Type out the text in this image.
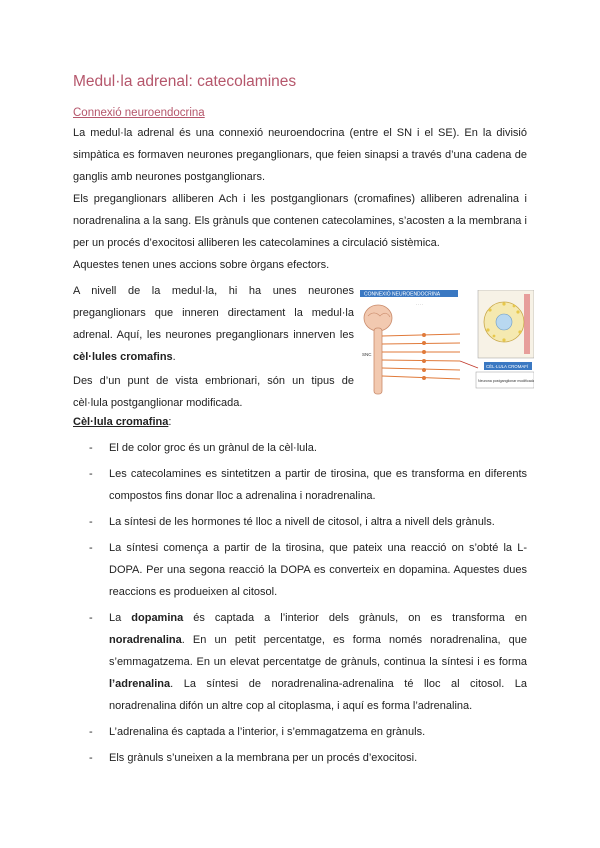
Medul·la adrenal: catecolamines
Connexió neuroendocrina

La medul·la adrenal és una connexió neuroendocrina (entre el SN i el SE). En la divisió simpàtica es formaven neurones preganglionars, que feien sinapsi a través d’una cadena de ganglis amb neurones postganglionars.

Els preganglionars alliberen Ach i les postganglionars (cromafines) alliberen adrenalina i noradrenalina a la sang. Els grànuls que contenen catecolamines, s’acosten a la membrana i per un procés d’exocitosi alliberen les catecolamines a circulació sistèmica.

Aquestes tenen unes accions sobre òrgans efectors.

A nivell de la medul·la, hi ha unes neurones preganglionars que inneren directament la medul·la adrenal. Aquí, les neurones preganglionars innerven les cèl·lules cromafins.

Des d’un punt de vista embrionari, són un tipus de cèl·lula postganglionar modificada.

Cèl·lula cromafina:

- El de color groc és un grànul de la cèl·lula.
- Les catecolamines es sintetitzen a partir de tirosina, que es transforma en diferents compostos fins donar lloc a adrenalina i noradrenalina.
- La síntesi de les hormones té lloc a nivell de citosol, i altra a nivell dels grànuls.
- La síntesi comença a partir de la tirosina, que pateix una reacció on s’obté la L-DOPA. Per una segona reacció la DOPA es converteix en dopamina. Aquestes dues reaccions es produeixen al citosol.
- La dopamina és captada a l’interior dels grànuls, on es transforma en noradrenalina. En un petit percentatge, es forma només noradrenalina, que s’emmagatzema. En un elevat percentatge de grànuls, continua la síntesi i es forma l’adrenalina. La síntesi de noradrenalina-adrenalina té lloc al citosol. La noradrenalina difón un altre cop al citoplasma, i aquí es forma l’adrenalina.
- L’adrenalina és captada a l’interior, i s’emmagatzema en grànuls.
- Els grànuls s’uneixen a la membrana per un procés d’exocitosi.
CONNEXIÓ NEUROENDOCRINA
SNC
· · · ·
CÈL·LULA CROMAFÍ
Neurona postganglionar modificada
